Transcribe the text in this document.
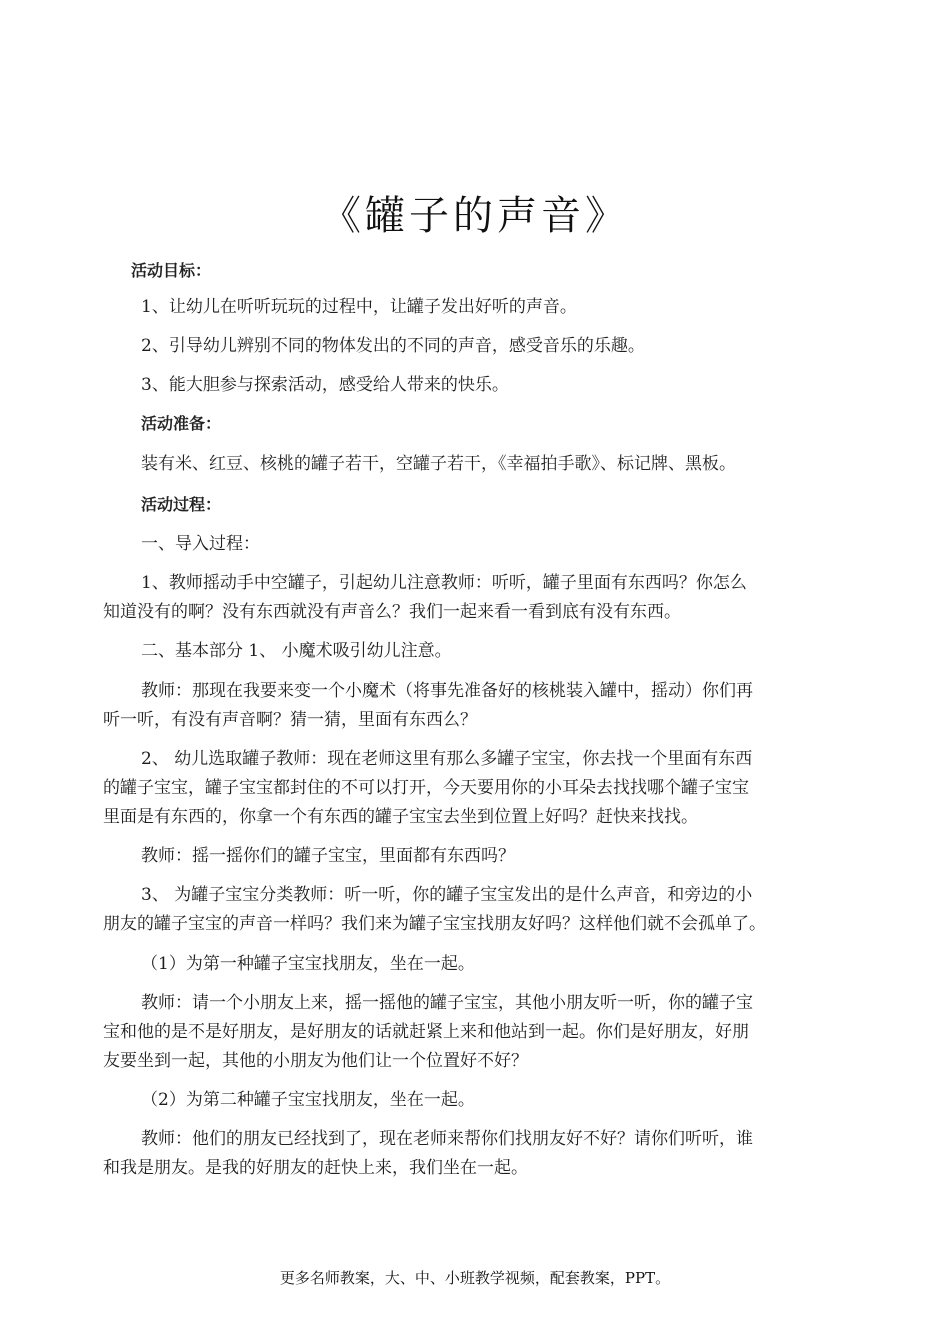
《罐子的声音》
活动目标：
1、让幼儿在听听玩玩的过程中，让罐子发出好听的声音。
2、引导幼儿辨别不同的物体发出的不同的声音，感受音乐的乐趣。
3、能大胆参与探索活动，感受给人带来的快乐。
活动准备：
装有米、红豆、核桃的罐子若干，空罐子若干，《幸福拍手歌》、标记牌、黑板。
活动过程：
一、导入过程：
1、教师摇动手中空罐子，引起幼儿注意教师：听听，罐子里面有东西吗？你怎么
知道没有的啊？没有东西就没有声音么？我们一起来看一看到底有没有东西。
二、基本部分 1、 小魔术吸引幼儿注意。
教师：那现在我要来变一个小魔术（将事先准备好的核桃装入罐中，摇动）你们再
听一听，有没有声音啊？猜一猜，里面有东西么？
2、 幼儿选取罐子教师：现在老师这里有那么多罐子宝宝，你去找一个里面有东西
的罐子宝宝，罐子宝宝都封住的不可以打开，今天要用你的小耳朵去找找哪个罐子宝宝
里面是有东西的，你拿一个有东西的罐子宝宝去坐到位置上好吗？赶快来找找。
教师：摇一摇你们的罐子宝宝，里面都有东西吗？
3、 为罐子宝宝分类教师：听一听，你的罐子宝宝发出的是什么声音，和旁边的小
朋友的罐子宝宝的声音一样吗？我们来为罐子宝宝找朋友好吗？这样他们就不会孤单了。
（1）为第一种罐子宝宝找朋友，坐在一起。
教师：请一个小朋友上来，摇一摇他的罐子宝宝，其他小朋友听一听，你的罐子宝
宝和他的是不是好朋友，是好朋友的话就赶紧上来和他站到一起。你们是好朋友，好朋
友要坐到一起，其他的小朋友为他们让一个位置好不好？
（2）为第二种罐子宝宝找朋友，坐在一起。
教师：他们的朋友已经找到了，现在老师来帮你们找朋友好不好？请你们听听，谁
和我是朋友。是我的好朋友的赶快上来，我们坐在一起。
更多名师教案，大、中、小班教学视频，配套教案，PPT。
